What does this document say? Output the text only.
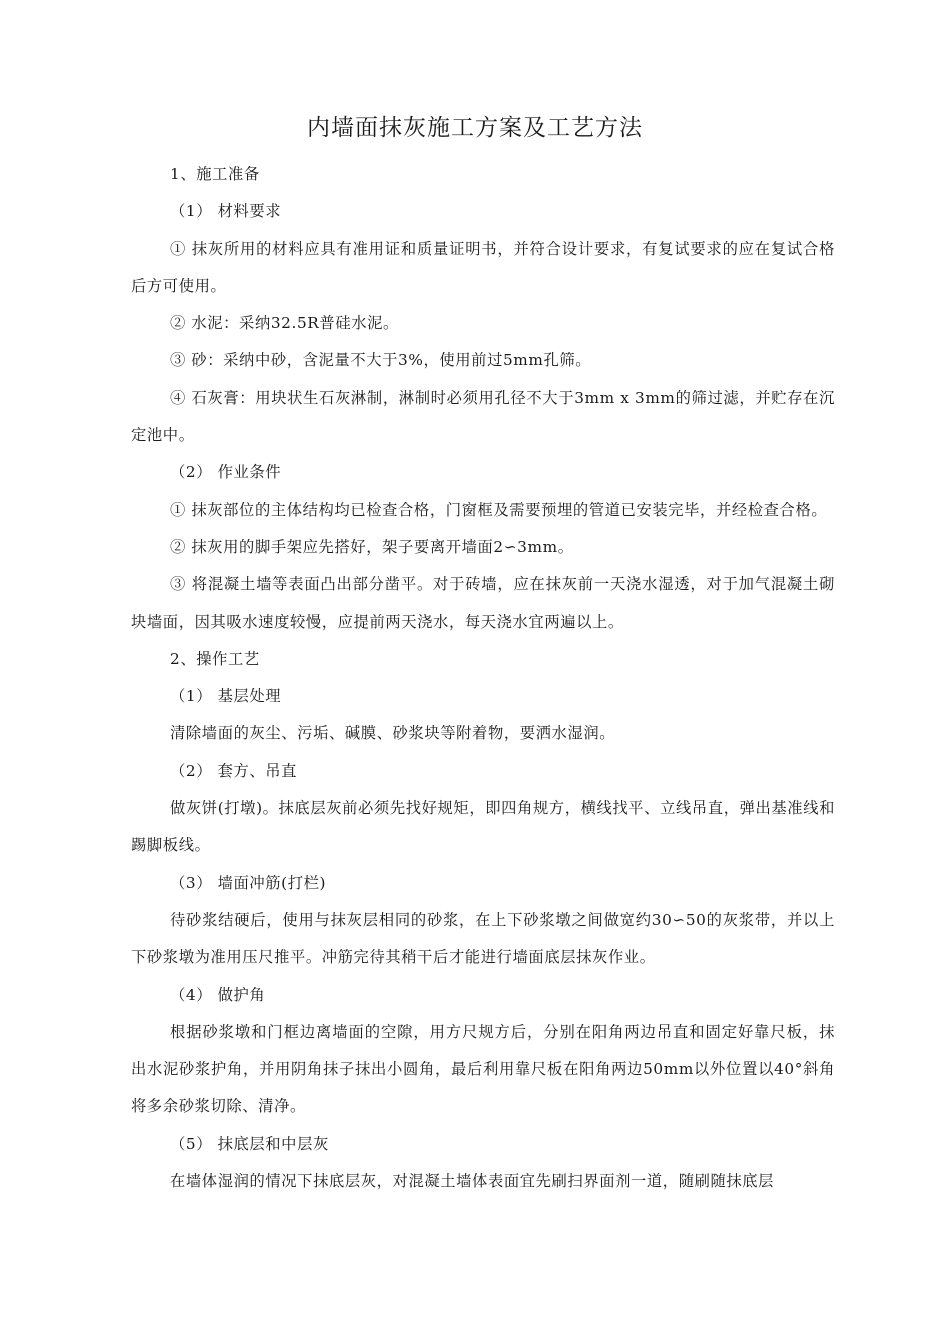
内墙面抹灰施工方案及工艺方法

1、施工准备

（1） 材料要求

① 抹灰所用的材料应具有准用证和质量证明书，并符合设计要求，有复试要求的应在复试合格后方可使用。

② 水泥：采纳32.5R普硅水泥。

③ 砂：采纳中砂，含泥量不大于3%，使用前过5mm孔筛。

④ 石灰膏：用块状生石灰淋制，淋制时必须用孔径不大于3mm x 3mm的筛过滤，并贮存在沉定池中。

（2） 作业条件

① 抹灰部位的主体结构均已检查合格，门窗框及需要预埋的管道已安装完毕，并经检查合格。

② 抹灰用的脚手架应先搭好，架子要离开墙面2∽3mm。

③ 将混凝土墙等表面凸出部分凿平。对于砖墙，应在抹灰前一天浇水湿透，对于加气混凝土砌块墙面，因其吸水速度较慢，应提前两天浇水，每天浇水宜两遍以上。

2、操作工艺

（1） 基层处理

清除墙面的灰尘、污垢、碱膜、砂浆块等附着物，要洒水湿润。

（2） 套方、吊直

做灰饼(打墩)。抹底层灰前必须先找好规矩，即四角规方，横线找平、立线吊直，弹出基准线和踢脚板线。

（3） 墙面冲筋(打栏)

待砂浆结硬后，使用与抹灰层相同的砂浆，在上下砂浆墩之间做宽约30∽50的灰浆带，并以上下砂浆墩为准用压尺推平。冲筋完待其稍干后才能进行墙面底层抹灰作业。

（4） 做护角

根据砂浆墩和门框边离墙面的空隙，用方尺规方后，分别在阳角两边吊直和固定好靠尺板，抹出水泥砂浆护角，并用阴角抹子抹出小圆角，最后利用靠尺板在阳角两边50mm以外位置以40°斜角将多余砂浆切除、清净。

（5） 抹底层和中层灰

在墙体湿润的情况下抹底层灰，对混凝土墙体表面宜先刷扫界面剂一道，随刷随抹底层
